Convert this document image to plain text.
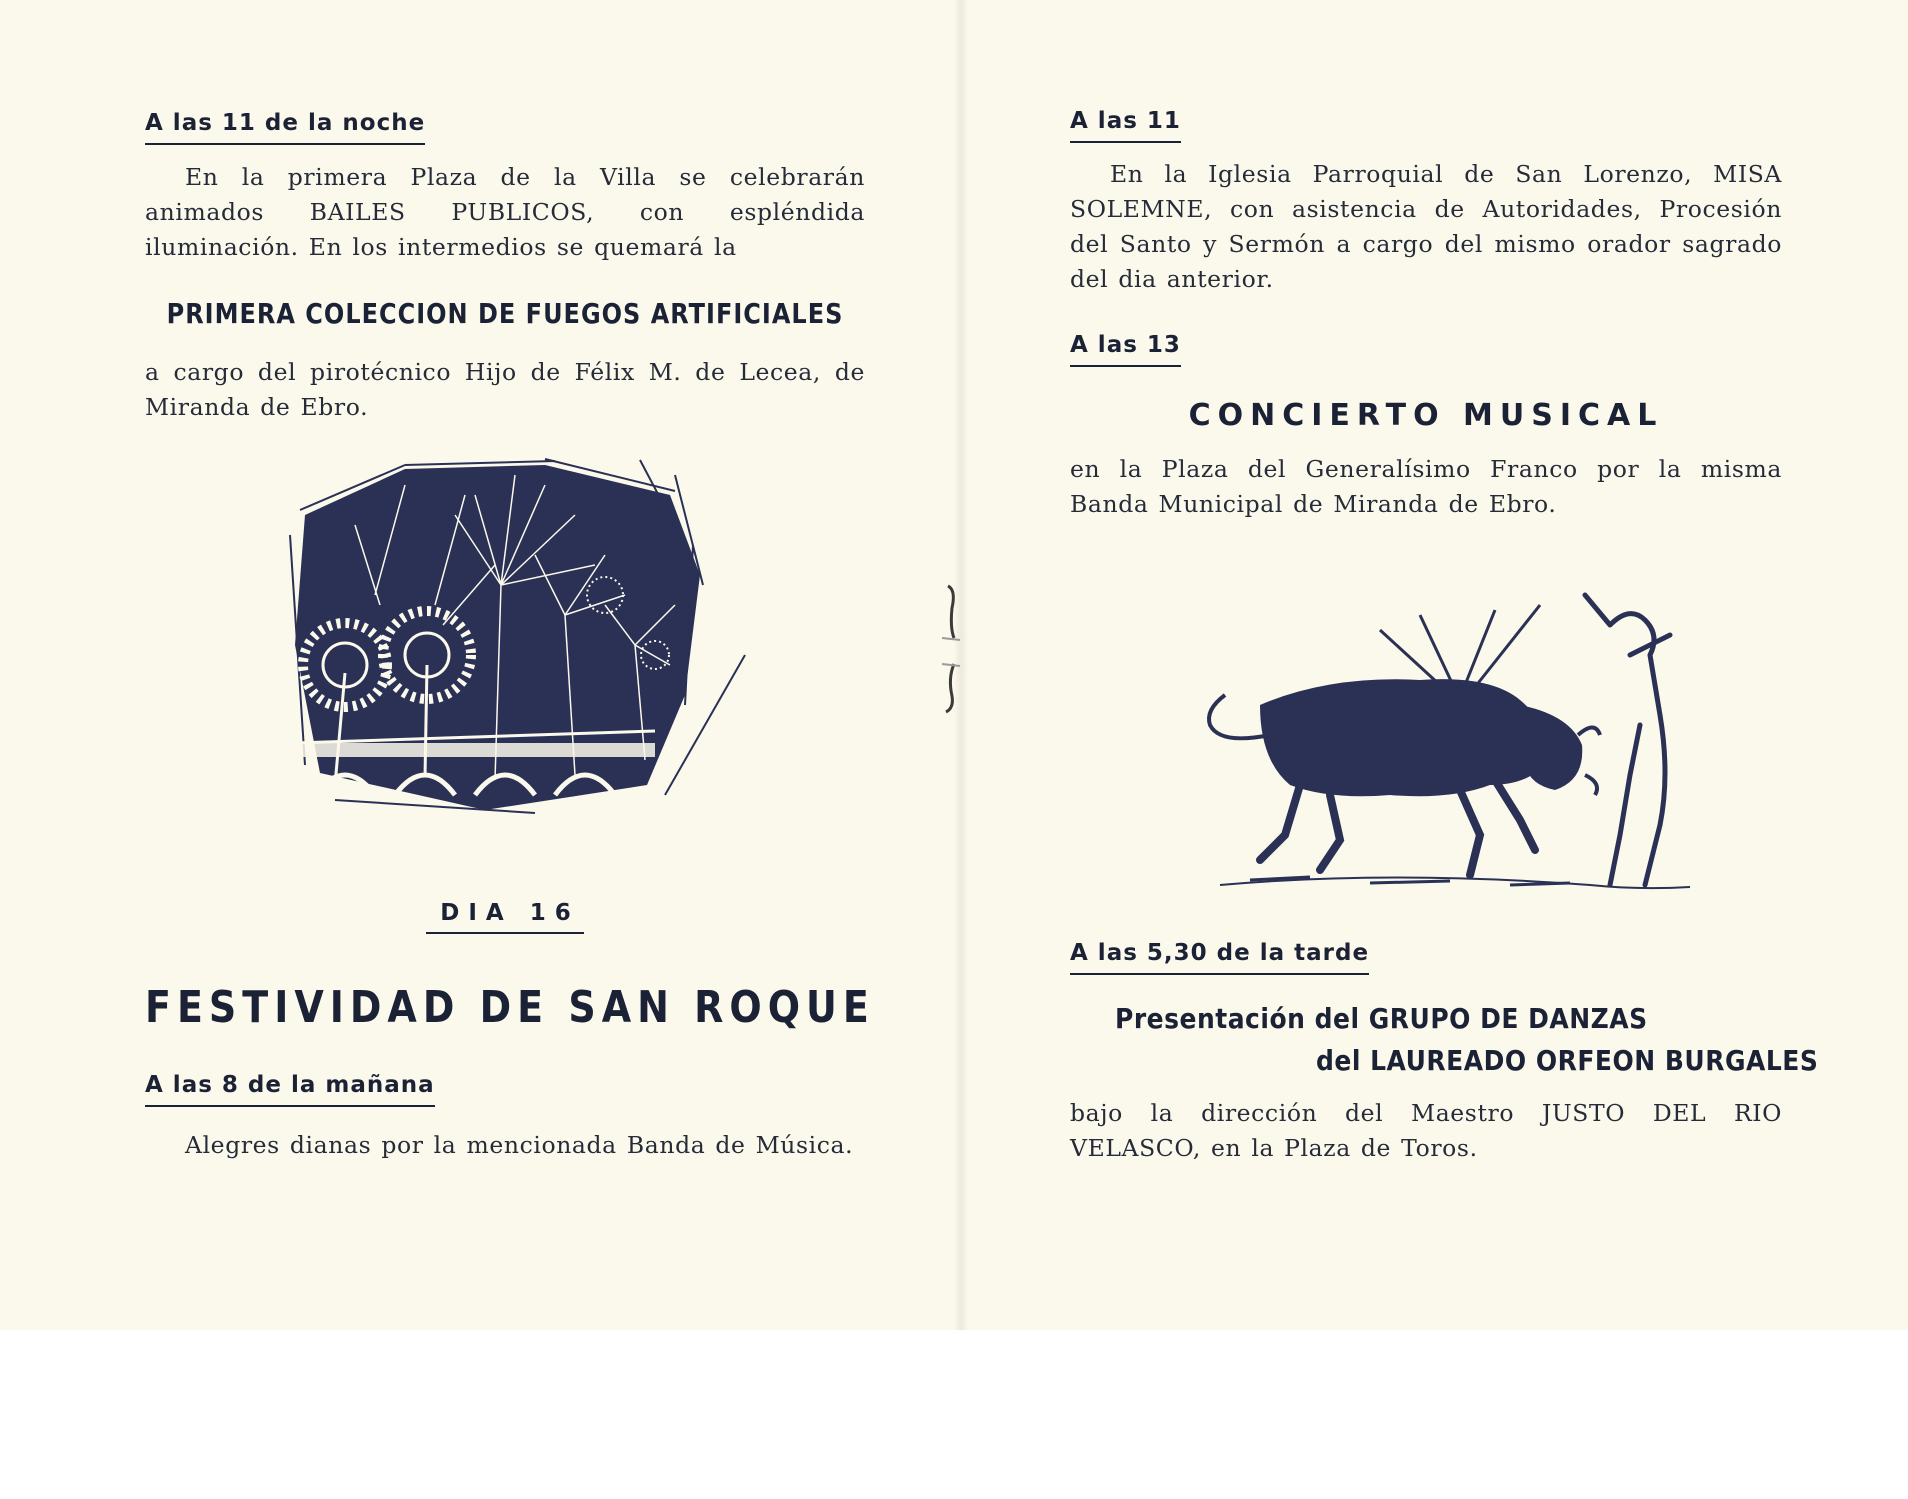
A las 11 de la noche
En la primera Plaza de la Villa se celebrarán animados BAILES PUBLICOS, con espléndida iluminación. En los intermedios se quemará la
PRIMERA COLECCION DE FUEGOS ARTIFICIALES
a cargo del pirotécnico Hijo de Félix M. de Lecea, de Miranda de Ebro.
DIA 16
FESTIVIDAD DE SAN ROQUE
A las 8 de la mañana
Alegres dianas por la mencionada Banda de Música.
A las 11
En la Iglesia Parroquial de San Lorenzo, MISA SOLEMNE, con asistencia de Autoridades, Procesión del Santo y Sermón a cargo del mismo orador sagrado del dia anterior.
A las 13
CONCIERTO MUSICAL
en la Plaza del Generalísimo Franco por la misma Banda Municipal de Miranda de Ebro.
A las 5,30 de la tarde
Presentación del GRUPO DE DANZAS
del LAUREADO ORFEON BURGALES
bajo la dirección del Maestro JUSTO DEL RIO VELASCO, en la Plaza de Toros.
